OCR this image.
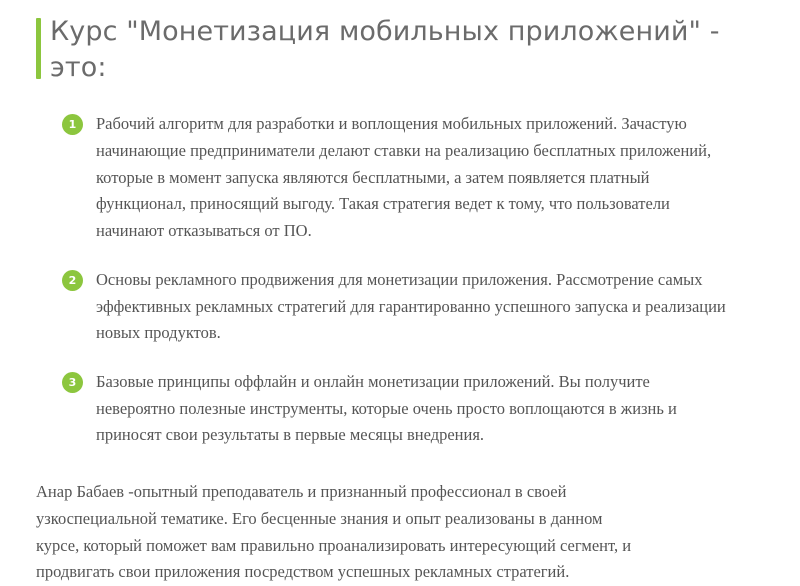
Курс "Монетизация мобильных приложений" - это:
1	Рабочий алгоритм для разработки и воплощения мобильных приложений. Зачастую начинающие предприниматели делают ставки на реализацию бесплатных приложений, которые в момент запуска являются бесплатными, а затем появляется платный функционал, приносящий выгоду. Такая стратегия ведет к тому, что пользователи начинают отказываться от ПО.

2	Основы рекламного продвижения для монетизации приложения. Рассмотрение самых эффективных рекламных стратегий для гарантированно успешного запуска и реализации новых продуктов.

3	Базовые принципы оффлайн и онлайн монетизации приложений. Вы получите невероятно полезные инструменты, которые очень просто воплощаются в жизнь и приносят свои результаты в первые месяцы внедрения.

Анар Бабаев -опытный преподаватель и признанный профессионал в своей узкоспециальной тематике. Его бесценные знания и опыт реализованы в данном курсе, который поможет вам правильно проанализировать интересующий сегмент, и продвигать свои приложения посредством успешных рекламных стратегий.
